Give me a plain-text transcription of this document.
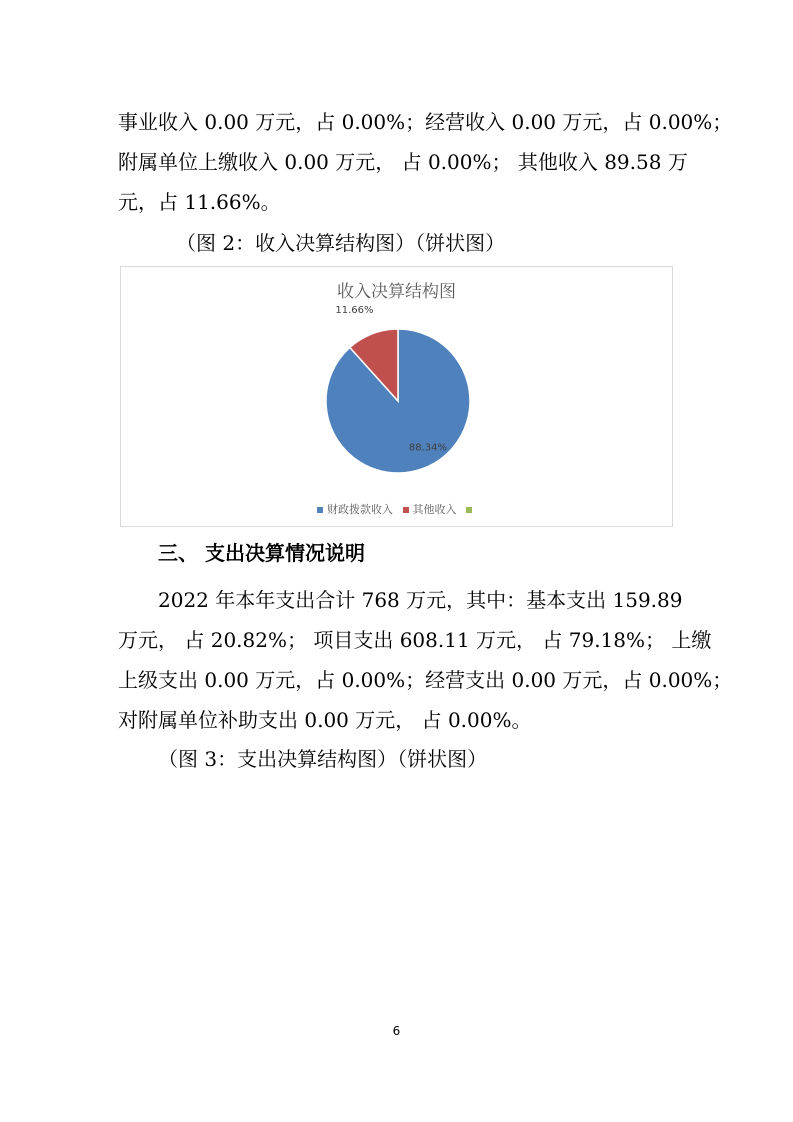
事业收入 0.00 万元，占 0.00%；经营收入 0.00 万元，占 0.00%；
附属单位上缴收入 0.00 万元， 占 0.00%； 其他收入 89.58 万
元，占 11.66%。
（图 2：收入决算结构图）（饼状图）
收入决算结构图
88.34%
11.66%
财政拨款收入 其他收入
三、 支出决算情况说明
2022 年本年支出合计 768 万元，其中：基本支出 159.89
万元， 占 20.82%； 项目支出 608.11 万元， 占 79.18%； 上缴
上级支出 0.00 万元，占 0.00%；经营支出 0.00 万元，占 0.00%；
对附属单位补助支出 0.00 万元， 占 0.00%。
（图 3：支出决算结构图）（饼状图）
6
